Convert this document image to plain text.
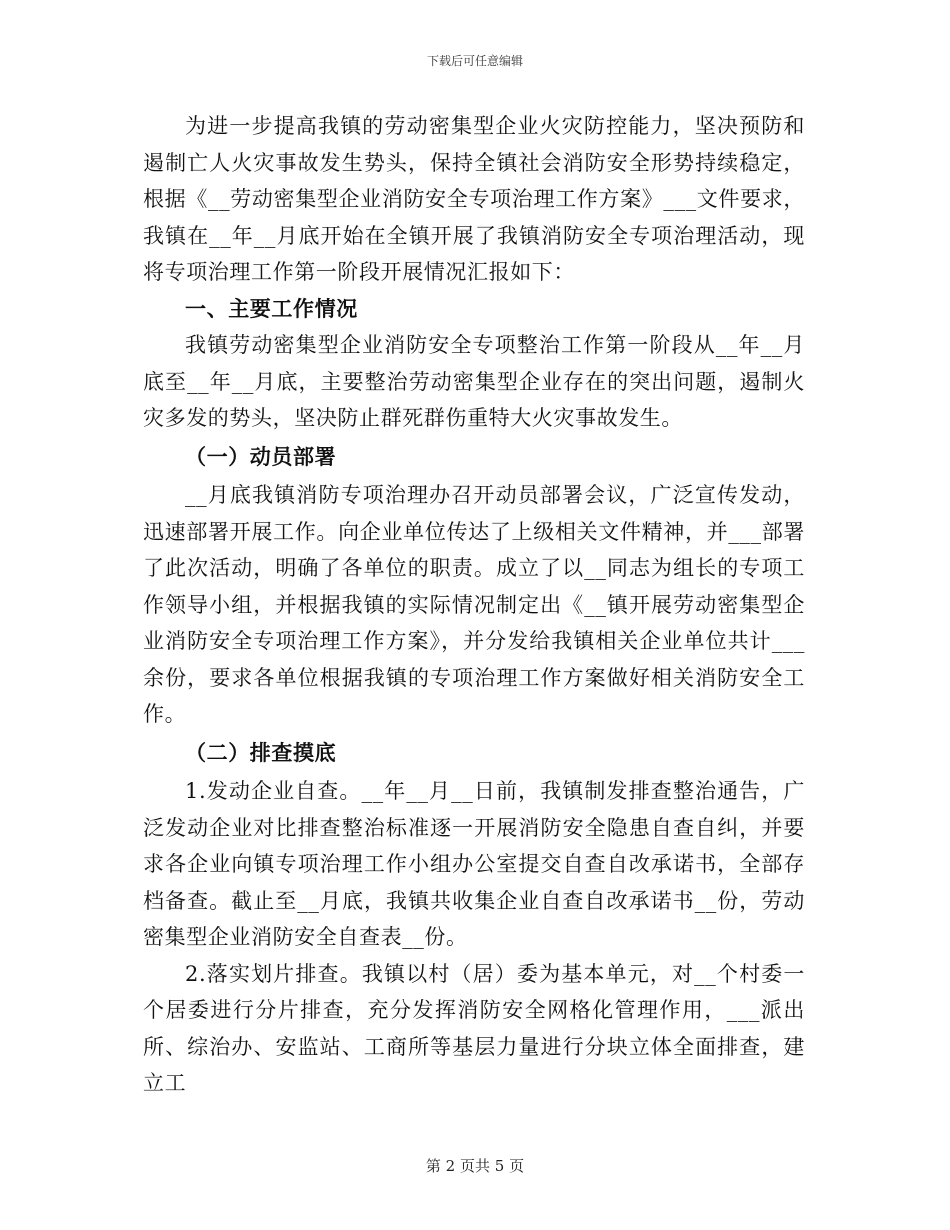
下载后可任意编辑

为进一步提高我镇的劳动密集型企业火灾防控能力，坚决预防和遏制亡人火灾事故发生势头，保持全镇社会消防安全形势持续稳定，根据《__劳动密集型企业消防安全专项治理工作方案》___文件要求，我镇在__年__月底开始在全镇开展了我镇消防安全专项治理活动，现将专项治理工作第一阶段开展情况汇报如下：

一、主要工作情况

我镇劳动密集型企业消防安全专项整治工作第一阶段从__年__月底至__年__月底，主要整治劳动密集型企业存在的突出问题，遏制火灾多发的势头，坚决防止群死群伤重特大火灾事故发生。

（一）动员部署

__月底我镇消防专项治理办召开动员部署会议，广泛宣传发动，迅速部署开展工作。向企业单位传达了上级相关文件精神，并___部署了此次活动，明确了各单位的职责。成立了以__同志为组长的专项工作领导小组，并根据我镇的实际情况制定出《__镇开展劳动密集型企业消防安全专项治理工作方案》，并分发给我镇相关企业单位共计___余份，要求各单位根据我镇的专项治理工作方案做好相关消防安全工作。

（二）排查摸底

1.发动企业自查。__年__月__日前，我镇制发排查整治通告，广泛发动企业对比排查整治标准逐一开展消防安全隐患自查自纠，并要求各企业向镇专项治理工作小组办公室提交自查自改承诺书，全部存档备查。截止至__月底，我镇共收集企业自查自改承诺书__份，劳动密集型企业消防安全自查表__份。

2.落实划片排查。我镇以村（居）委为基本单元，对__个村委一个居委进行分片排查，充分发挥消防安全网格化管理作用，___派出所、综治办、安监站、工商所等基层力量进行分块立体全面排查，建立工

第 2 页共 5 页
